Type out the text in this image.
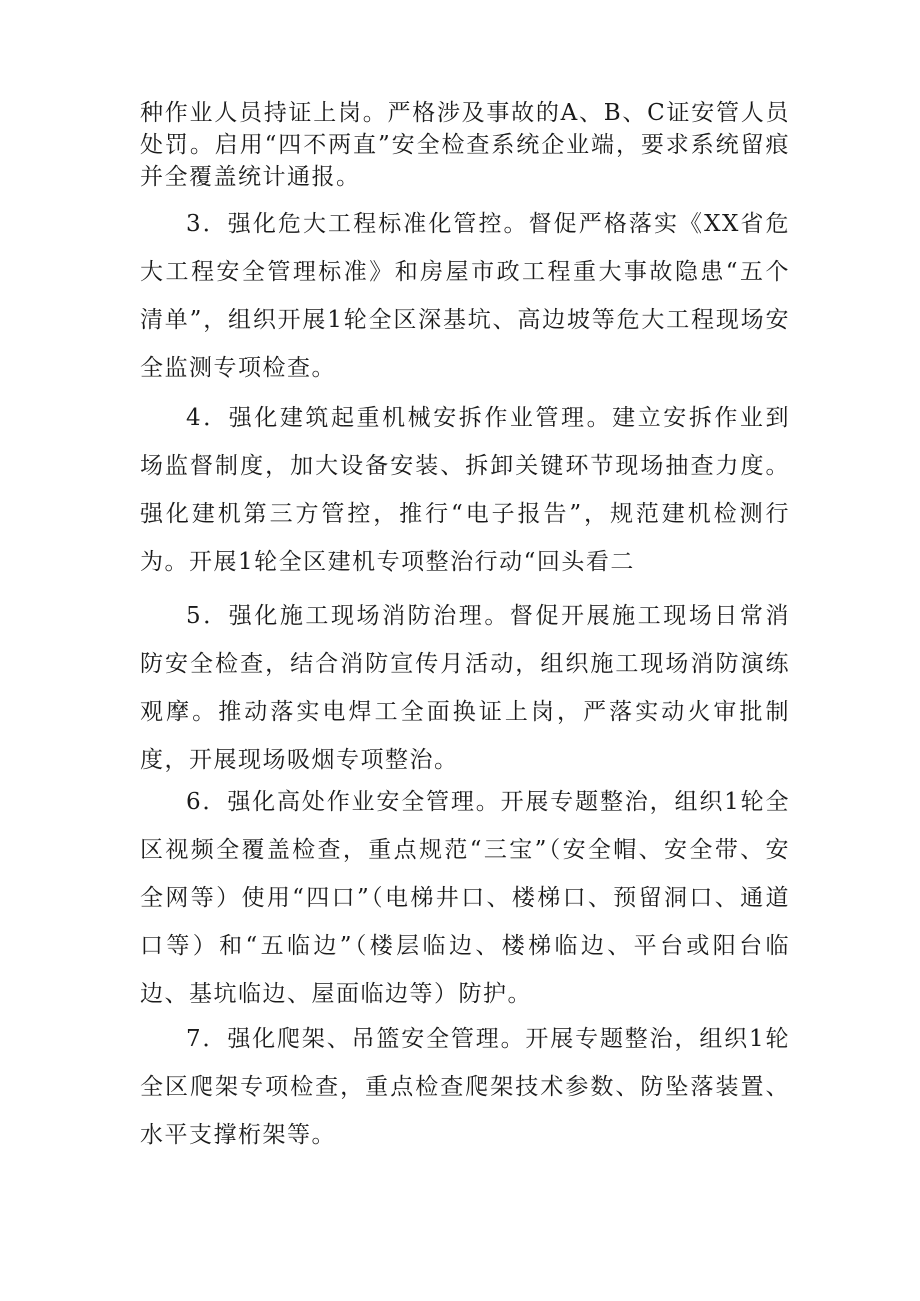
种作业人员持证上岗。严格涉及事故的A、B、C证安管人员处罚。启用“四不两直”安全检查系统企业端，要求系统留痕并全覆盖统计通报。

3．强化危大工程标准化管控。督促严格落实《XX省危大工程安全管理标准》和房屋市政工程重大事故隐患“五个清单”，组织开展1轮全区深基坑、高边坡等危大工程现场安全监测专项检查。

4．强化建筑起重机械安拆作业管理。建立安拆作业到场监督制度，加大设备安装、拆卸关键环节现场抽查力度。强化建机第三方管控，推行“电子报告”，规范建机检测行为。开展1轮全区建机专项整治行动“回头看二

5．强化施工现场消防治理。督促开展施工现场日常消防安全检查，结合消防宣传月活动，组织施工现场消防演练观摩。推动落实电焊工全面换证上岗，严落实动火审批制度，开展现场吸烟专项整治。

6．强化高处作业安全管理。开展专题整治，组织1轮全区视频全覆盖检查，重点规范“三宝”（安全帽、安全带、安全网等）使用“四口”（电梯井口、楼梯口、预留洞口、通道口等）和“五临边”（楼层临边、楼梯临边、平台或阳台临边、基坑临边、屋面临边等）防护。

7．强化爬架、吊篮安全管理。开展专题整治，组织1轮全区爬架专项检查，重点检查爬架技术参数、防坠落装置、水平支撑桁架等。
